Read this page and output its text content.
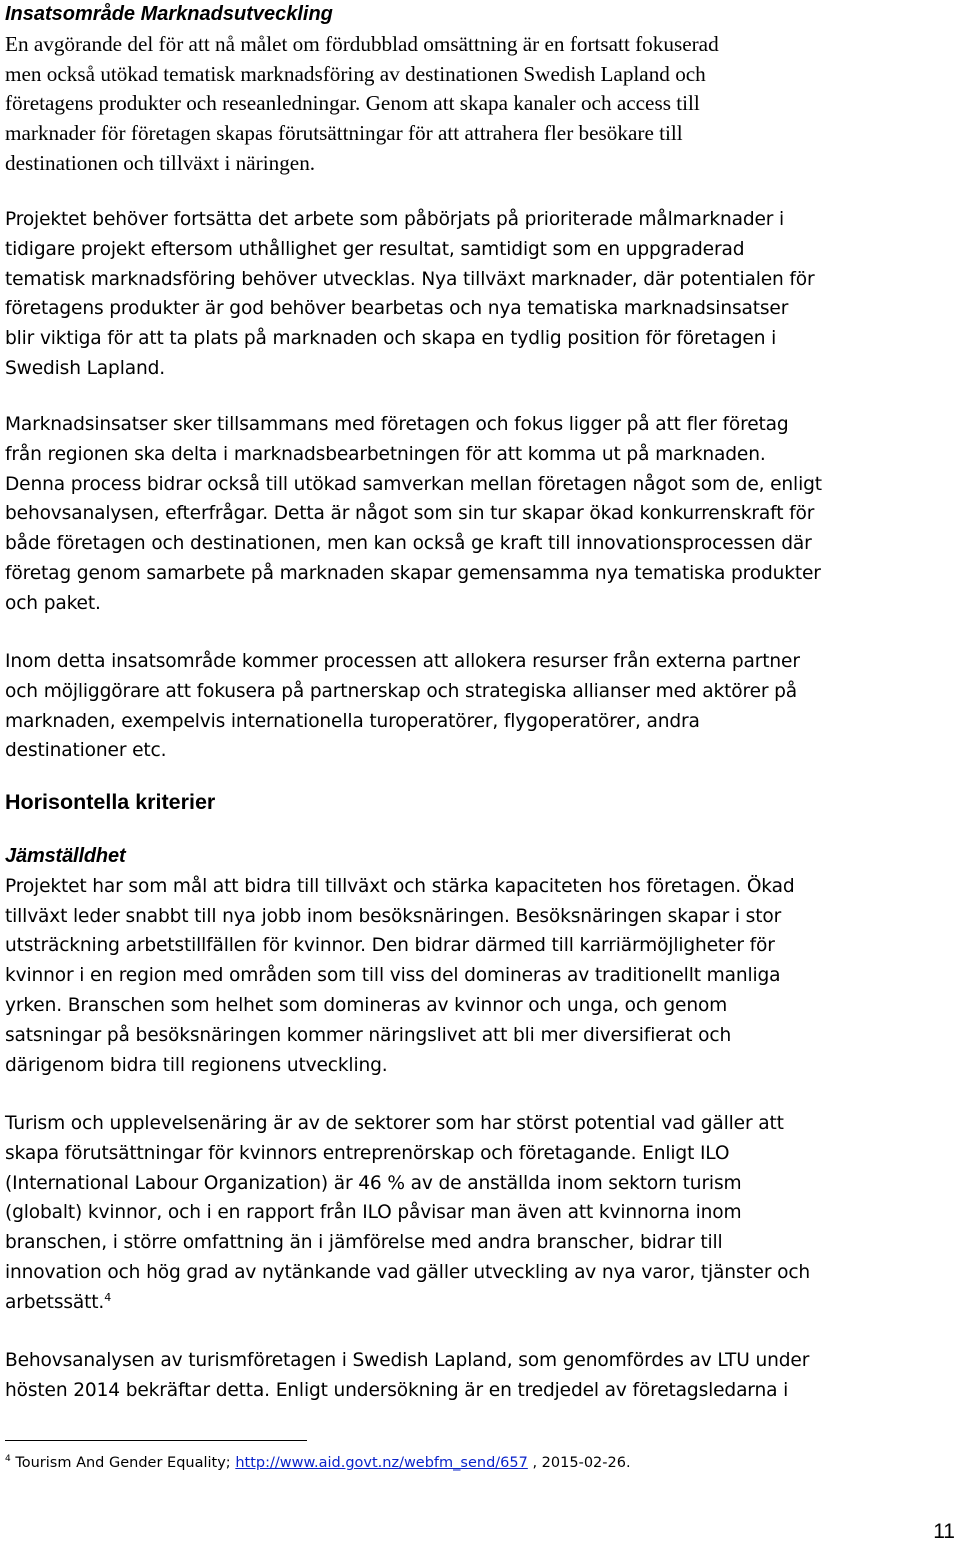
Insatsområde Marknadsutveckling
En avgörande del för att nå målet om fördubblad omsättning är en fortsatt fokuserad
men också utökad tematisk marknadsföring av destinationen Swedish Lapland och
företagens produkter och reseanledningar. Genom att skapa kanaler och access till
marknader för företagen skapas förutsättningar för att attrahera fler besökare till
destinationen och tillväxt i näringen.
Projektet behöver fortsätta det arbete som påbörjats på prioriterade målmarknader i
tidigare projekt eftersom uthållighet ger resultat, samtidigt som en uppgraderad
tematisk marknadsföring behöver utvecklas. Nya tillväxt marknader, där potentialen för
företagens produkter är god behöver bearbetas och nya tematiska marknadsinsatser
blir viktiga för att ta plats på marknaden och skapa en tydlig position för företagen i
Swedish Lapland.
Marknadsinsatser sker tillsammans med företagen och fokus ligger på att fler företag
från regionen ska delta i marknadsbearbetningen för att komma ut på marknaden.
Denna process bidrar också till utökad samverkan mellan företagen något som de, enligt
behovsanalysen, efterfrågar. Detta är något som sin tur skapar ökad konkurrenskraft för
både företagen och destinationen, men kan också ge kraft till innovationsprocessen där
företag genom samarbete på marknaden skapar gemensamma nya tematiska produkter
och paket.
Inom detta insatsområde kommer processen att allokera resurser från externa partner
och möjliggörare att fokusera på partnerskap och strategiska allianser med aktörer på
marknaden, exempelvis internationella turoperatörer, flygoperatörer, andra
destinationer etc.
Horisontella kriterier
Jämställdhet
Projektet har som mål att bidra till tillväxt och stärka kapaciteten hos företagen. Ökad
tillväxt leder snabbt till nya jobb inom besöksnäringen. Besöksnäringen skapar i stor
utsträckning arbetstillfällen för kvinnor. Den bidrar därmed till karriärmöjligheter för
kvinnor i en region med områden som till viss del domineras av traditionellt manliga
yrken. Branschen som helhet som domineras av kvinnor och unga, och genom
satsningar på besöksnäringen kommer näringslivet att bli mer diversifierat och
därigenom bidra till regionens utveckling.
Turism och upplevelsenäring är av de sektorer som har störst potential vad gäller att
skapa förutsättningar för kvinnors entreprenörskap och företagande. Enligt ILO
(International Labour Organization) är 46 % av de anställda inom sektorn turism
(globalt) kvinnor, och i en rapport från ILO påvisar man även att kvinnorna inom
branschen, i större omfattning än i jämförelse med andra branscher, bidrar till
innovation och hög grad av nytänkande vad gäller utveckling av nya varor, tjänster och
arbetssätt.$^4$
Behovsanalysen av turismföretagen i Swedish Lapland, som genomfördes av LTU under
hösten 2014 bekräftar detta. Enligt undersökning är en tredjedel av företagsledarna i
$^4$ Tourism And Gender Equality; http://www.aid.govt.nz/webfm_send/657 , 2015-02-26.
11
